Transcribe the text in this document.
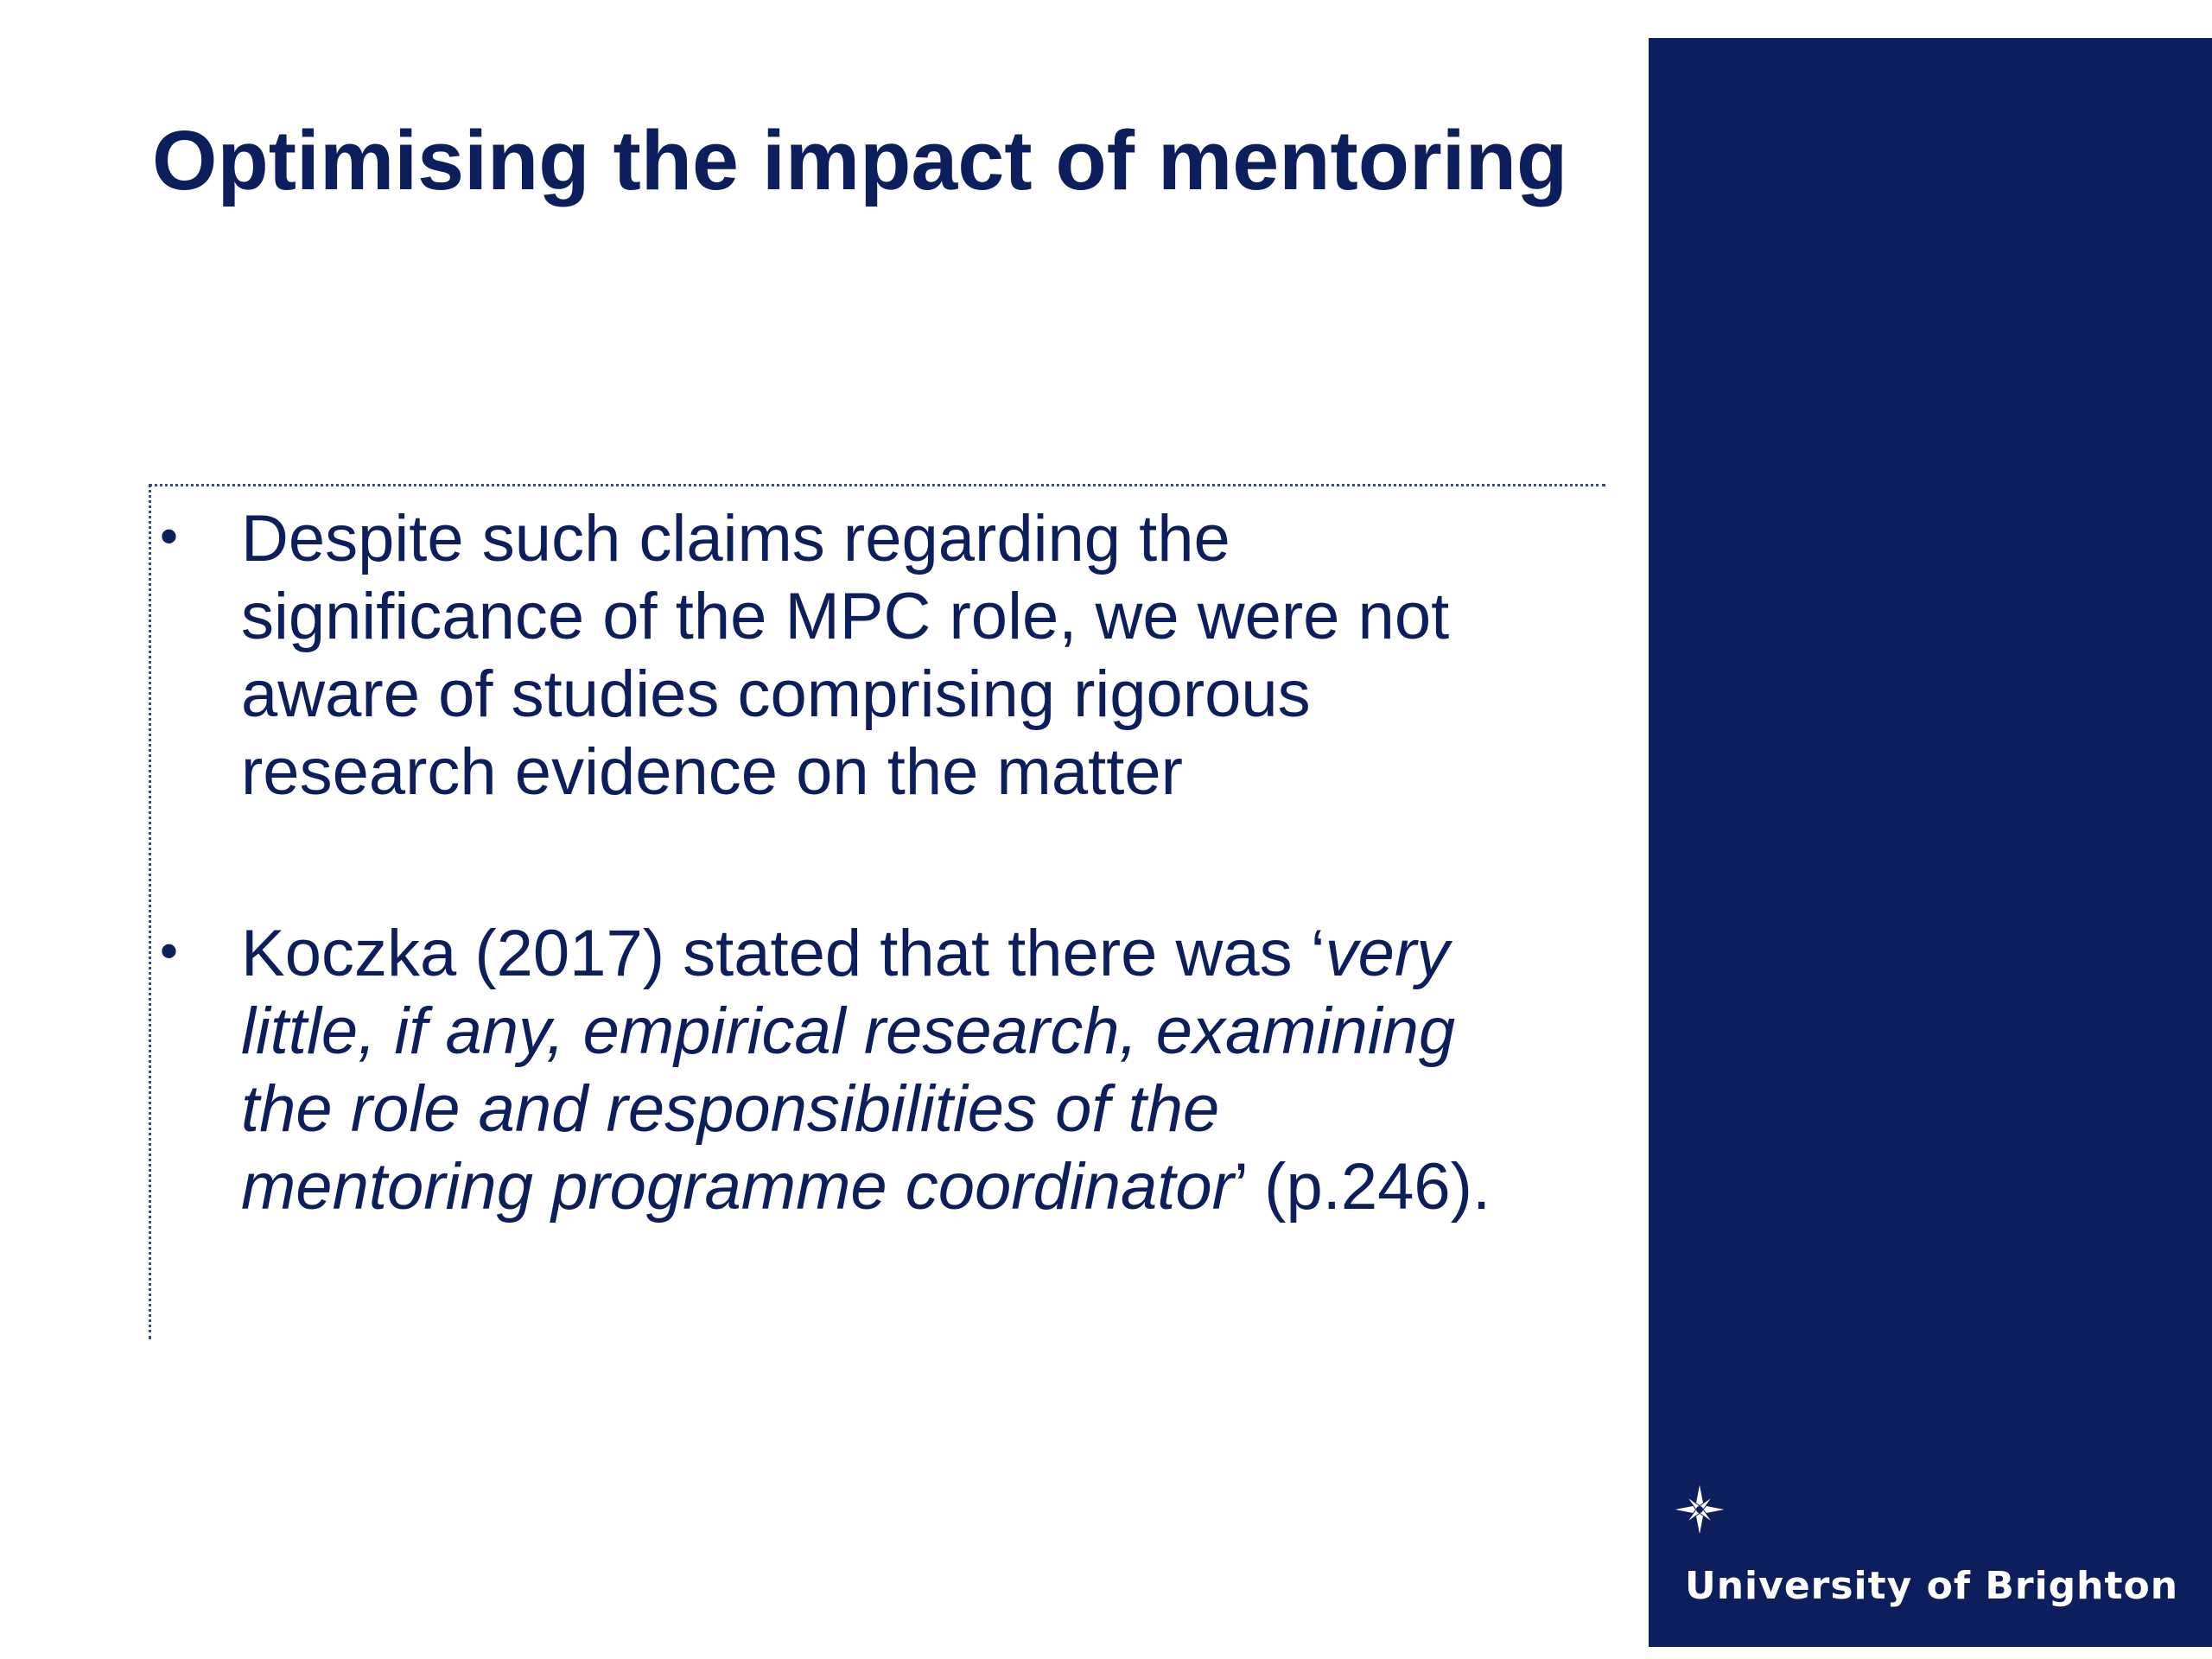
Optimising the impact of mentoring
• Despite such claims regarding the
significance of the MPC role, we were not
aware of studies comprising rigorous
research evidence on the matter
• Koczka (2017) stated that there was ‘very
little, if any, empirical research, examining
the role and responsibilities of the
mentoring programme coordinator’ (p.246).
University of Brighton
